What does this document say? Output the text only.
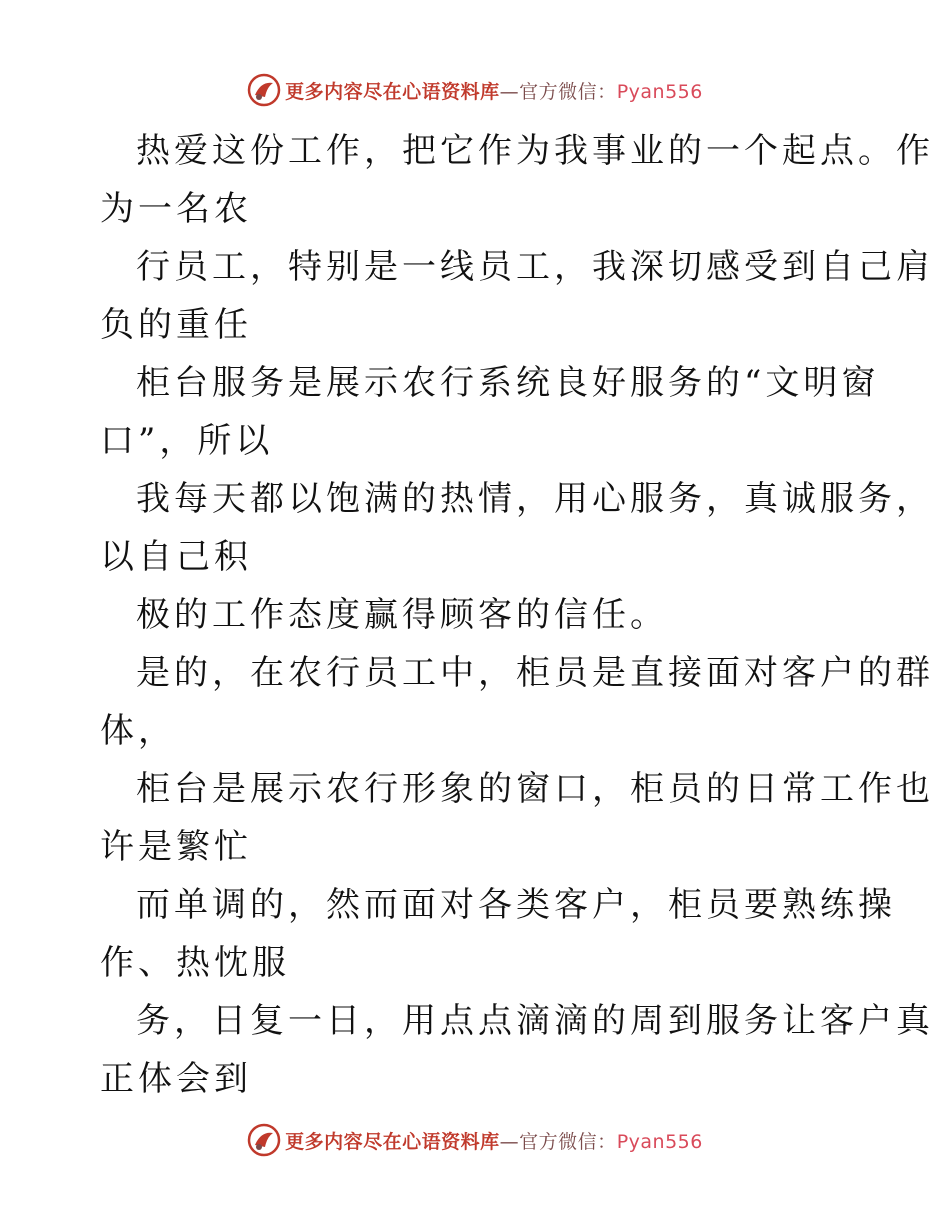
更多内容尽在心语资料库—官方微信：Pyan556
热爱这份工作，把它作为我事业的一个起点。作
为一名农
行员工，特别是一线员工，我深切感受到自己肩
负的重任
柜台服务是展示农行系统良好服务的“文明窗
口”，所以
我每天都以饱满的热情，用心服务，真诚服务，
以自己积
极的工作态度赢得顾客的信任。
是的，在农行员工中，柜员是直接面对客户的群
体，
柜台是展示农行形象的窗口，柜员的日常工作也
许是繁忙
而单调的，然而面对各类客户，柜员要熟练操
作、热忱服
务，日复一日，用点点滴滴的周到服务让客户真
正体会到
更多内容尽在心语资料库—官方微信：Pyan556
